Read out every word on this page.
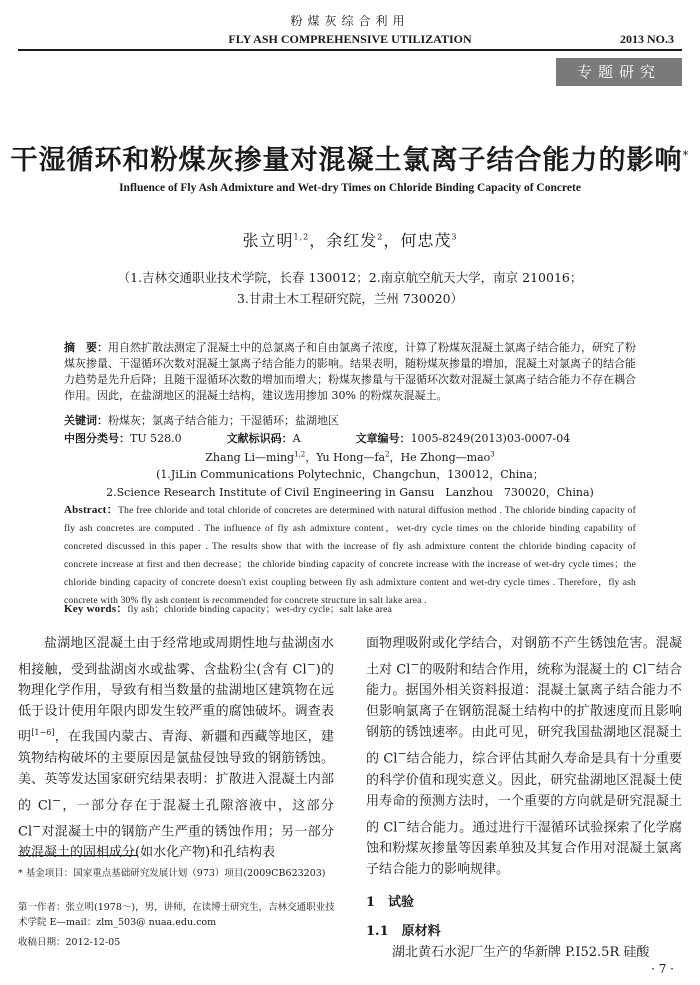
粉煤灰综合利用
FLY ASH COMPREHENSIVE UTILIZATION	2013 NO.3
专题研究
干湿循环和粉煤灰掺量对混凝土氯离子结合能力的影响*
Influence of Fly Ash Admixture and Wet-dry Times on Chloride Binding Capacity of Concrete
张立明$^{1,2}$，余红发$^2$，何忠茂$^3$
（1.吉林交通职业技术学院，长春 130012；2.南京航空航天大学，南京 210016；
3.甘肃土木工程研究院，兰州 730020）
摘　要：用自然扩散法测定了混凝土中的总氯离子和自由氯离子浓度，计算了粉煤灰混凝土氯离子结合能力，研究了粉煤灰掺量、干湿循环次数对混凝土氯离子结合能力的影响。结果表明，随粉煤灰掺量的增加，混凝土对氯离子的结合能力趋势是先升后降；且随干湿循环次数的增加而增大；粉煤灰掺量与干湿循环次数对混凝土氯离子结合能力不存在耦合作用。因此，在盐湖地区的混凝土结构，建议选用掺加 30% 的粉煤灰混凝土。
关键词：粉煤灰；氯离子结合能力；干湿循环；盐湖地区
中图分类号：TU 528.0	文献标识码：A	文章编号：1005-8249(2013)03-0007-04
Zhang Li—ming$^{1,2}$，Yu $Hong—fa^2$，He Zhong—mao$^3$
(1.JiLin Communications Polytechnic，Changchun，130012，China；
2.Science Research Institute of Civil Engineering in Gansu　Lanzhou　730020，China)
Abstract：The free chloride and total chloride of concretes are determined with natural diffusion method . The chloride binding capacity of fly ash concretes are computed . The influence of fly ash admixture content，wet-dry cycle times on the chloride binding capability of concreted discussed in this paper . The results show that with the increase of fly ash admixture content the chloride binding capacity of concrete increase at first and then decrease；the chloride binding capacity of concrete increase with the increase of wet-dry cycle times；the chloride binding capacity of concrete doesn't exist coupling between fly ash admixture content and wet-dry cycle times . Therefore，fly ash concrete with 30% fly ash content is recommended for concrete structure in salt lake area .
Key words：fly ash；chloride binding capacity；wet-dry cycle；salt lake area
盐湖地区混凝土由于经常地或周期性地与盐湖卤水相接触，受到盐湖卤水或盐雾、含盐粉尘(含有 Cl−)的物理化学作用，导致有相当数量的盐湖地区建筑物在远低于设计使用年限内即发生较严重的腐蚀破坏。调查表明[1−6]，在我国内蒙古、青海、新疆和西藏等地区，建筑物结构破坏的主要原因是氯盐侵蚀导致的钢筋锈蚀。美、英等发达国家研究结果表明：扩散进入混凝土内部的 Cl−，一部分存在于混凝土孔隙溶液中，这部分 Cl−对混凝土中的钢筋产生严重的锈蚀作用；另一部分被混凝土的固相成分(如水化产物)和孔结构表
* 基金项目：国家重点基础研究发展计划（973）项目(2009CB623203)
第一作者：张立明(1978～)，男，讲师，在读博士研究生，吉林交通职业技术学院 E—mail：zlm_503@ nuaa.edu.com
收稿日期：2012-12-05
面物理吸附或化学结合，对钢筋不产生锈蚀危害。混凝土对 Cl−的吸附和结合作用，统称为混凝土的 Cl−结合能力。据国外相关资料报道：混凝土氯离子结合能力不但影响氯离子在钢筋混凝土结构中的扩散速度而且影响钢筋的锈蚀速率。由此可见，研究我国盐湖地区混凝土的 Cl−结合能力，综合评估其耐久寿命是具有十分重要的科学价值和现实意义。因此，研究盐湖地区混凝土使用寿命的预测方法时，一个重要的方向就是研究混凝土的 Cl−结合能力。通过进行干湿循环试验探索了化学腐蚀和粉煤灰掺量等因素单独及其复合作用对混凝土氯离子结合能力的影响规律。
1　试验
1.1　原材料
湖北黄石水泥厂生产的华新牌 P.Ⅰ52.5R 硅酸
· 7 ·
